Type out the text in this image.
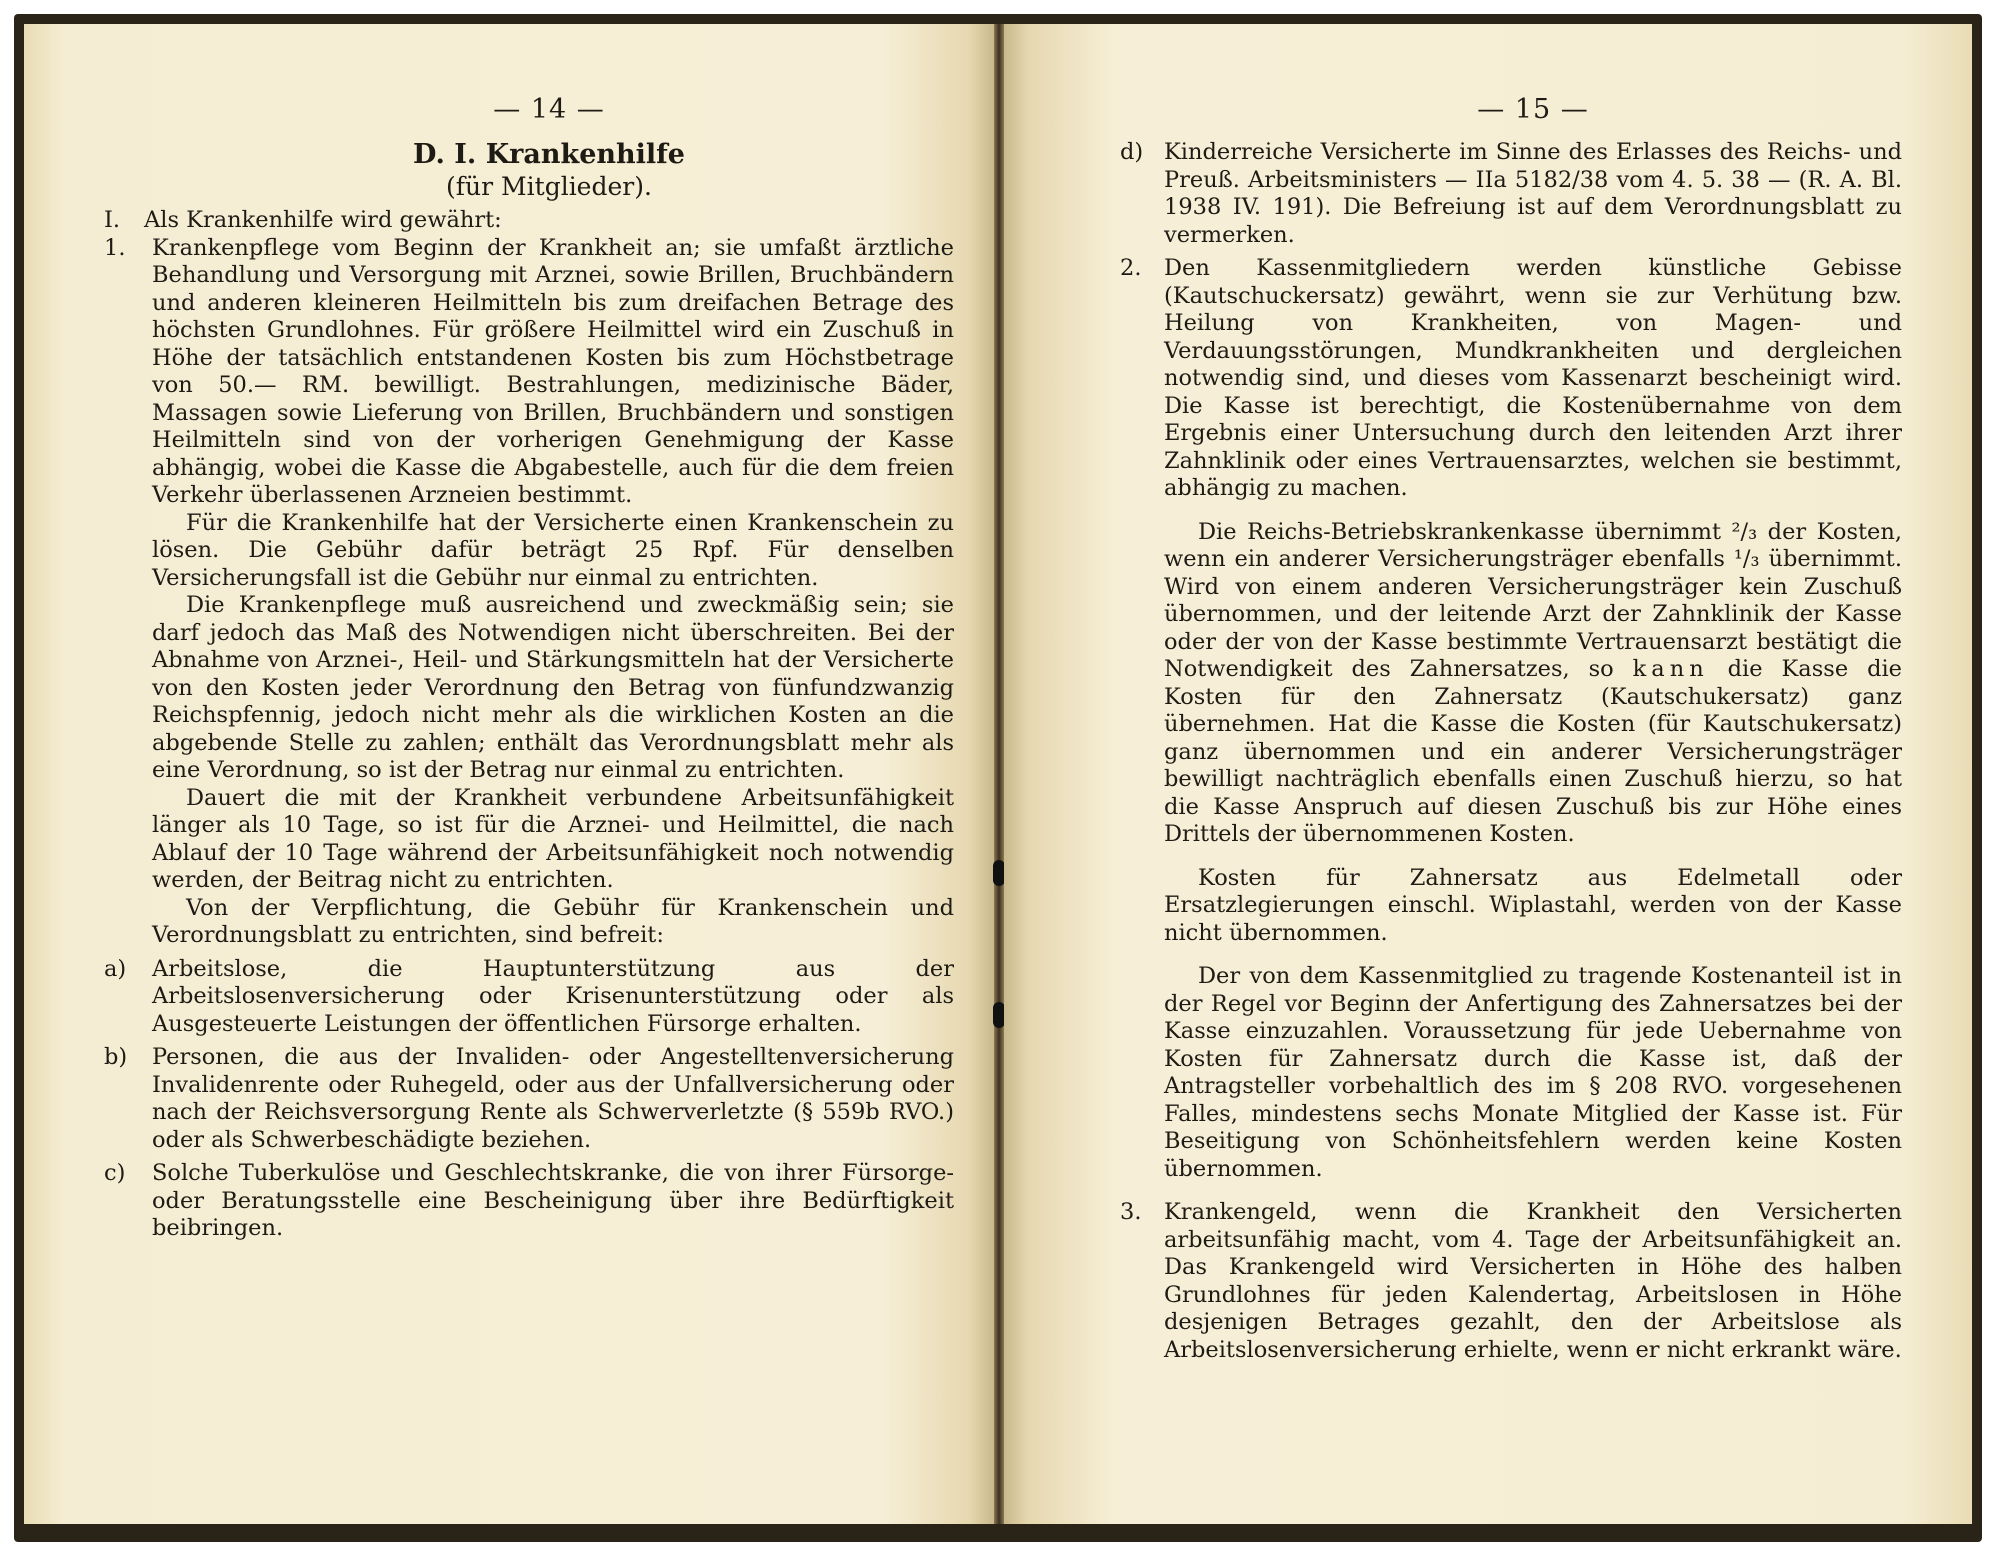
— 14 —

D. I. Krankenhilfe

(für Mitglieder).

I.	Als Krankenhilfe wird gewährt:
1.	Krankenpflege vom Beginn der Krankheit an; sie umfaßt ärztliche Behandlung und Versorgung mit Arznei, sowie Brillen, Bruchbändern und anderen kleineren Heilmitteln bis zum dreifachen Betrage des höchsten Grundlohnes. Für größere Heilmittel wird ein Zuschuß in Höhe der tatsächlich entstandenen Kosten bis zum Höchstbetrage von 50.— RM. bewilligt. Bestrahlungen, medizinische Bäder, Massagen sowie Lieferung von Brillen, Bruchbändern und sonstigen Heilmitteln sind von der vorherigen Genehmigung der Kasse abhängig, wobei die Kasse die Abgabestelle, auch für die dem freien Verkehr überlassenen Arzneien bestimmt.

Für die Krankenhilfe hat der Versicherte einen Krankenschein zu lösen. Die Gebühr dafür beträgt 25 Rpf. Für denselben Versicherungsfall ist die Gebühr nur einmal zu entrichten.

Die Krankenpflege muß ausreichend und zweckmäßig sein; sie darf jedoch das Maß des Notwendigen nicht überschreiten. Bei der Abnahme von Arznei-, Heil- und Stärkungsmitteln hat der Versicherte von den Kosten jeder Verordnung den Betrag von fünfundzwanzig Reichspfennig, jedoch nicht mehr als die wirklichen Kosten an die abgebende Stelle zu zahlen; enthält das Verordnungsblatt mehr als eine Verordnung, so ist der Betrag nur einmal zu entrichten.

Dauert die mit der Krankheit verbundene Arbeitsunfähigkeit länger als 10 Tage, so ist für die Arznei- und Heilmittel, die nach Ablauf der 10 Tage während der Arbeitsunfähigkeit noch notwendig werden, der Beitrag nicht zu entrichten.

Von der Verpflichtung, die Gebühr für Krankenschein und Verordnungsblatt zu entrichten, sind befreit:

a)	Arbeitslose, die Hauptunterstützung aus der Arbeitslosenversicherung oder Krisenunterstützung oder als Ausgesteuerte Leistungen der öffentlichen Fürsorge erhalten.

b)	Personen, die aus der Invaliden- oder Angestelltenversicherung Invalidenrente oder Ruhegeld, oder aus der Unfallversicherung oder nach der Reichsversorgung Rente als Schwerverletzte (§ 559b RVO.) oder als Schwerbeschädigte beziehen.

c)	Solche Tuberkulöse und Geschlechtskranke, die von ihrer Fürsorge- oder Beratungsstelle eine Bescheinigung über ihre Bedürftigkeit beibringen.

— 15 —

d) Kinderreiche Versicherte im Sinne des Erlasses des Reichs- und Preuß. Arbeitsministers — IIa 5182/38 vom 4. 5. 38 — (R. A. Bl. 1938 IV. 191). Die Befreiung ist auf dem Verordnungsblatt zu vermerken.

2.	Den Kassenmitgliedern werden künstliche Gebisse (Kautschuckersatz) gewährt, wenn sie zur Verhütung bzw. Heilung von Krankheiten, von Magen- und Verdauungsstörungen, Mundkrankheiten und dergleichen notwendig sind, und dieses vom Kassenarzt bescheinigt wird. Die Kasse ist berechtigt, die Kostenübernahme von dem Ergebnis einer Untersuchung durch den leitenden Arzt ihrer Zahnklinik oder eines Vertrauensarztes, welchen sie bestimmt, abhängig zu machen.

Die Reichs-Betriebskrankenkasse übernimmt ²/₃ der Kosten, wenn ein anderer Versicherungsträger ebenfalls ¹/₃ übernimmt. Wird von einem anderen Versicherungsträger kein Zuschuß übernommen, und der leitende Arzt der Zahnklinik der Kasse oder der von der Kasse bestimmte Vertrauensarzt bestätigt die Notwendigkeit des Zahnersatzes, so kann die Kasse die Kosten für den Zahnersatz (Kautschukersatz) ganz übernehmen. Hat die Kasse die Kosten (für Kautschukersatz) ganz übernommen und ein anderer Versicherungsträger bewilligt nachträglich ebenfalls einen Zuschuß hierzu, so hat die Kasse Anspruch auf diesen Zuschuß bis zur Höhe eines Drittels der übernommenen Kosten.

Kosten für Zahnersatz aus Edelmetall oder Ersatzlegierungen einschl. Wiplastahl, werden von der Kasse nicht übernommen.

Der von dem Kassenmitglied zu tragende Kostenanteil ist in der Regel vor Beginn der Anfertigung des Zahnersatzes bei der Kasse einzuzahlen. Voraussetzung für jede Uebernahme von Kosten für Zahnersatz durch die Kasse ist, daß der Antragsteller vorbehaltlich des im § 208 RVO. vorgesehenen Falles, mindestens sechs Monate Mitglied der Kasse ist. Für Beseitigung von Schönheitsfehlern werden keine Kosten übernommen.

3.	Krankengeld, wenn die Krankheit den Versicherten arbeitsunfähig macht, vom 4. Tage der Arbeitsunfähigkeit an. Das Krankengeld wird Versicherten in Höhe des halben Grundlohnes für jeden Kalendertag, Arbeitslosen in Höhe desjenigen Betrages gezahlt, den der Arbeitslose als Arbeitslosenversicherung erhielte, wenn er nicht erkrankt wäre.
